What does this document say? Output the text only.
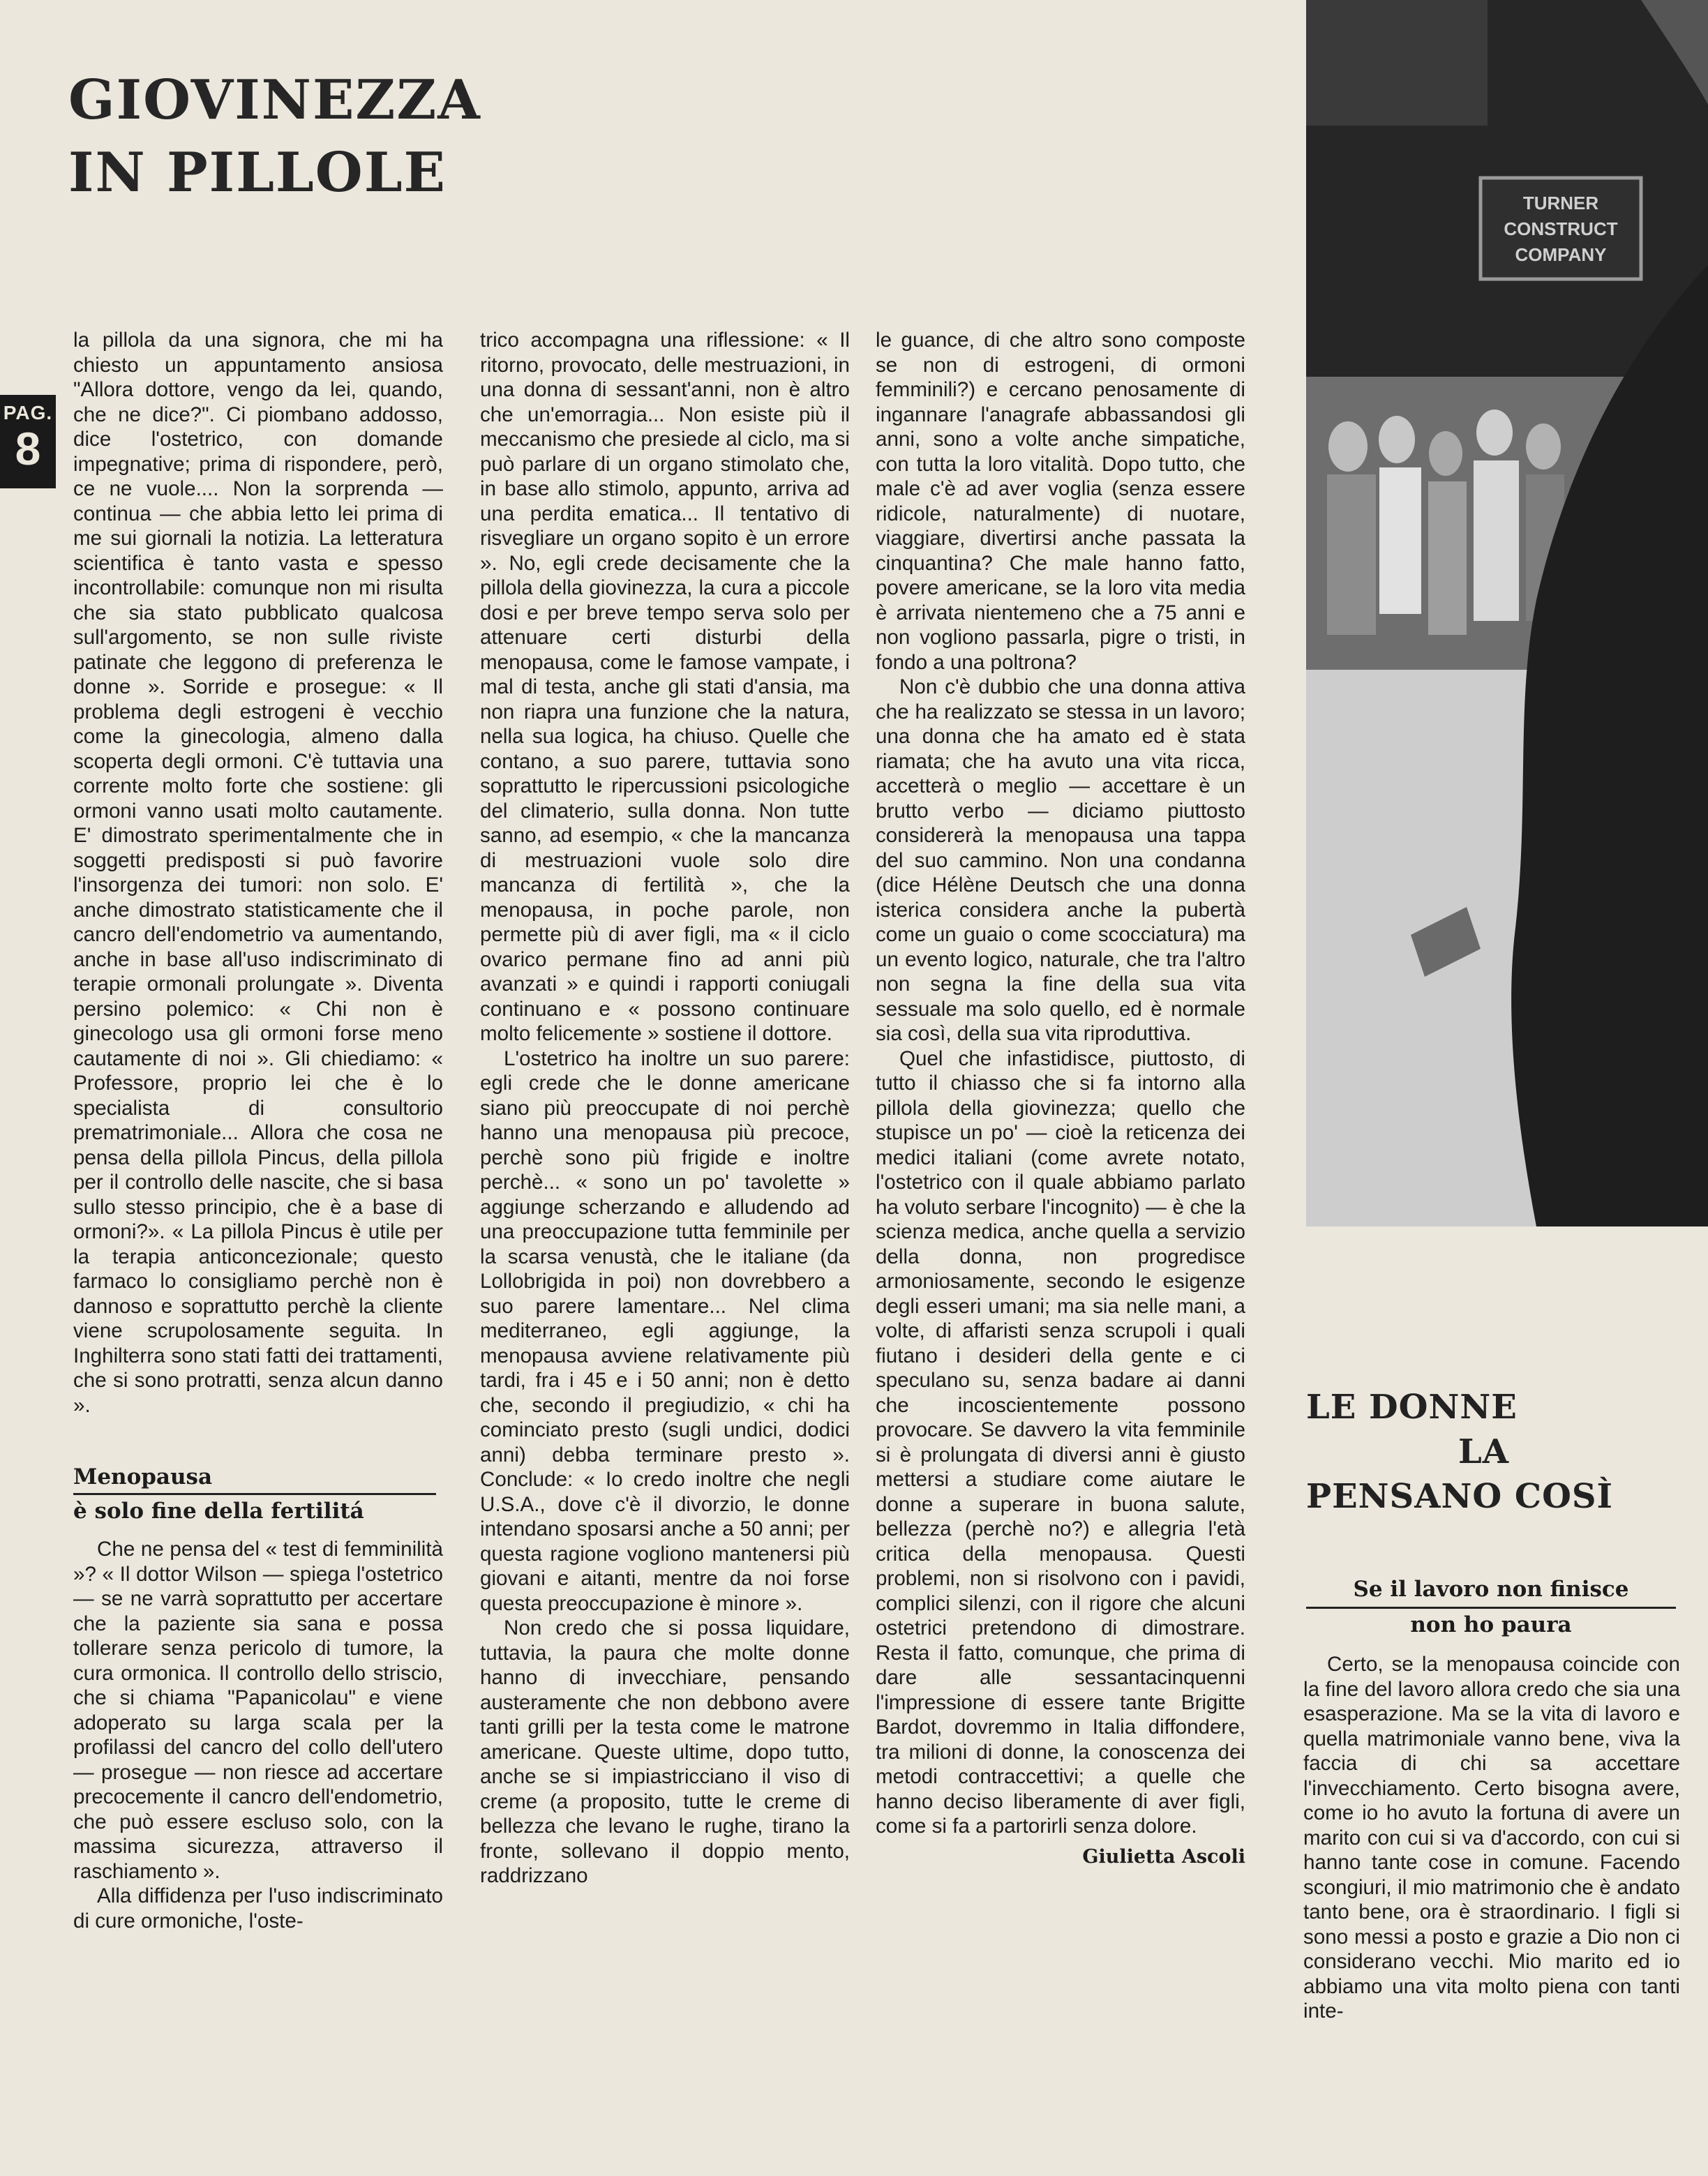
GIOVINEZZA
IN PILLOLE
PAG.
8

la pillola da una signora, che mi ha chiesto un appuntamento ansiosa "Allora dottore, vengo da lei, quando, che ne dice?". Ci piombano addosso, dice l'ostetrico, con domande impegnative; prima di rispondere, però, ce ne vuole.... Non la sorprenda — continua — che abbia letto lei prima di me sui giornali la notizia. La letteratura scientifica è tanto vasta e spesso incontrollabile: comunque non mi risulta che sia stato pubblicato qualcosa sull'argomento, se non sulle riviste patinate che leggono di preferenza le donne ». Sorride e prosegue: « Il problema degli estrogeni è vecchio come la ginecologia, almeno dalla scoperta degli ormoni. C'è tuttavia una corrente molto forte che sostiene: gli ormoni vanno usati molto cautamente. E' dimostrato sperimentalmente che in soggetti predisposti si può favorire l'insorgenza dei tumori: non solo. E' anche dimostrato statisticamente che il cancro dell'endometrio va aumentando, anche in base all'uso indiscriminato di terapie ormonali prolungate ». Diventa persino polemico: « Chi non è ginecologo usa gli ormoni forse meno cautamente di noi ». Gli chiediamo: « Professore, proprio lei che è lo specialista di consultorio prematrimoniale... Allora che cosa ne pensa della pillola Pincus, della pillola per il controllo delle nascite, che si basa sullo stesso principio, che è a base di ormoni?». « La pillola Pincus è utile per la terapia anticoncezionale; questo farmaco lo consigliamo perchè non è dannoso e soprattutto perchè la cliente viene scrupolosamente seguita. In Inghilterra sono stati fatti dei trattamenti, che si sono protratti, senza alcun danno ».

Menopausa
è solo fine della fertilitá

Che ne pensa del « test di femminilità »? « Il dottor Wilson — spiega l'ostetrico — se ne varrà soprattutto per accertare che la paziente sia sana e possa tollerare senza pericolo di tumore, la cura ormonica. Il controllo dello striscio, che si chiama "Papanicolau" e viene adoperato su larga scala per la profilassi del cancro del collo dell'utero — prosegue — non riesce ad accertare precocemente il cancro dell'endometrio, che può essere escluso solo, con la massima sicurezza, attraverso il raschiamento ».

Alla diffidenza per l'uso indiscriminato di cure ormoniche, l'oste-

trico accompagna una riflessione: « Il ritorno, provocato, delle mestruazioni, in una donna di sessant'anni, non è altro che un'emorragia... Non esiste più il meccanismo che presiede al ciclo, ma si può parlare di un organo stimolato che, in base allo stimolo, appunto, arriva ad una perdita ematica... Il tentativo di risvegliare un organo sopito è un errore ». No, egli crede decisamente che la pillola della giovinezza, la cura a piccole dosi e per breve tempo serva solo per attenuare certi disturbi della menopausa, come le famose vampate, i mal di testa, anche gli stati d'ansia, ma non riapra una funzione che la natura, nella sua logica, ha chiuso. Quelle che contano, a suo parere, tuttavia sono soprattutto le ripercussioni psicologiche del climaterio, sulla donna. Non tutte sanno, ad esempio, « che la mancanza di mestruazioni vuole solo dire mancanza di fertilità », che la menopausa, in poche parole, non permette più di aver figli, ma « il ciclo ovarico permane fino ad anni più avanzati » e quindi i rapporti coniugali continuano e « possono continuare molto felicemente » sostiene il dottore.

L'ostetrico ha inoltre un suo parere: egli crede che le donne americane siano più preoccupate di noi perchè hanno una menopausa più precoce, perchè sono più frigide e inoltre perchè... « sono un po' tavolette » aggiunge scherzando e alludendo ad una preoccupazione tutta femminile per la scarsa venustà, che le italiane (da Lollobrigida in poi) non dovrebbero a suo parere lamentare... Nel clima mediterraneo, egli aggiunge, la menopausa avviene relativamente più tardi, fra i 45 e i 50 anni; non è detto che, secondo il pregiudizio, « chi ha cominciato presto (sugli undici, dodici anni) debba terminare presto ». Conclude: « Io credo inoltre che negli U.S.A., dove c'è il divorzio, le donne intendano sposarsi anche a 50 anni; per questa ragione vogliono mantenersi più giovani e aitanti, mentre da noi forse questa preoccupazione è minore ».

Non credo che si possa liquidare, tuttavia, la paura che molte donne hanno di invecchiare, pensando austeramente che non debbono avere tanti grilli per la testa come le matrone americane. Queste ultime, dopo tutto, anche se si impiastricciano il viso di creme (a proposito, tutte le creme di bellezza che levano le rughe, tirano la fronte, sollevano il doppio mento, raddrizzano

le guance, di che altro sono composte se non di estrogeni, di ormoni femminili?) e cercano penosamente di ingannare l'anagrafe abbassandosi gli anni, sono a volte anche simpatiche, con tutta la loro vitalità. Dopo tutto, che male c'è ad aver voglia (senza essere ridicole, naturalmente) di nuotare, viaggiare, divertirsi anche passata la cinquantina? Che male hanno fatto, povere americane, se la loro vita media è arrivata nientemeno che a 75 anni e non vogliono passarla, pigre o tristi, in fondo a una poltrona?

Non c'è dubbio che una donna attiva che ha realizzato se stessa in un lavoro; una donna che ha amato ed è stata riamata; che ha avuto una vita ricca, accetterà o meglio — accettare è un brutto verbo — diciamo piuttosto considererà la menopausa una tappa del suo cammino. Non una condanna (dice Hélène Deutsch che una donna isterica considera anche la pubertà come un guaio o come scocciatura) ma un evento logico, naturale, che tra l'altro non segna la fine della sua vita sessuale ma solo quello, ed è normale sia così, della sua vita riproduttiva.

Quel che infastidisce, piuttosto, di tutto il chiasso che si fa intorno alla pillola della giovinezza; quello che stupisce un po' — cioè la reticenza dei medici italiani (come avrete notato, l'ostetrico con il quale abbiamo parlato ha voluto serbare l'incognito) — è che la scienza medica, anche quella a servizio della donna, non progredisce armoniosamente, secondo le esigenze degli esseri umani; ma sia nelle mani, a volte, di affaristi senza scrupoli i quali fiutano i desideri della gente e ci speculano su, senza badare ai danni che incoscientemente possono provocare. Se davvero la vita femminile si è prolungata di diversi anni è giusto mettersi a studiare come aiutare le donne a superare in buona salute, bellezza (perchè no?) e allegria l'età critica della menopausa. Questi problemi, non si risolvono con i pavidi, complici silenzi, con il rigore che alcuni ostetrici pretendono di dimostrare. Resta il fatto, comunque, che prima di dare alle sessantacinquenni l'impressione di essere tante Brigitte Bardot, dovremmo in Italia diffondere, tra milioni di donne, la conoscenza dei metodi contraccettivi; a quelle che hanno deciso liberamente di aver figli, come si fa a partorirli senza dolore.

Giulietta Ascoli
TURNER
CONSTRUCT
COMPANY
LE DONNE
LA
PENSANO COSÌ
Se il lavoro non finisce
non ho paura

Certo, se la menopausa coincide con la fine del lavoro allora credo che sia una esasperazione. Ma se la vita di lavoro e quella matrimoniale vanno bene, viva la faccia di chi sa accettare l'invecchiamento. Certo bisogna avere, come io ho avuto la fortuna di avere un marito con cui si va d'accordo, con cui si hanno tante cose in comune. Facendo scongiuri, il mio matrimonio che è andato tanto bene, ora è straordinario. I figli si sono messi a posto e grazie a Dio non ci considerano vecchi. Mio marito ed io abbiamo una vita molto piena con tanti inte-
